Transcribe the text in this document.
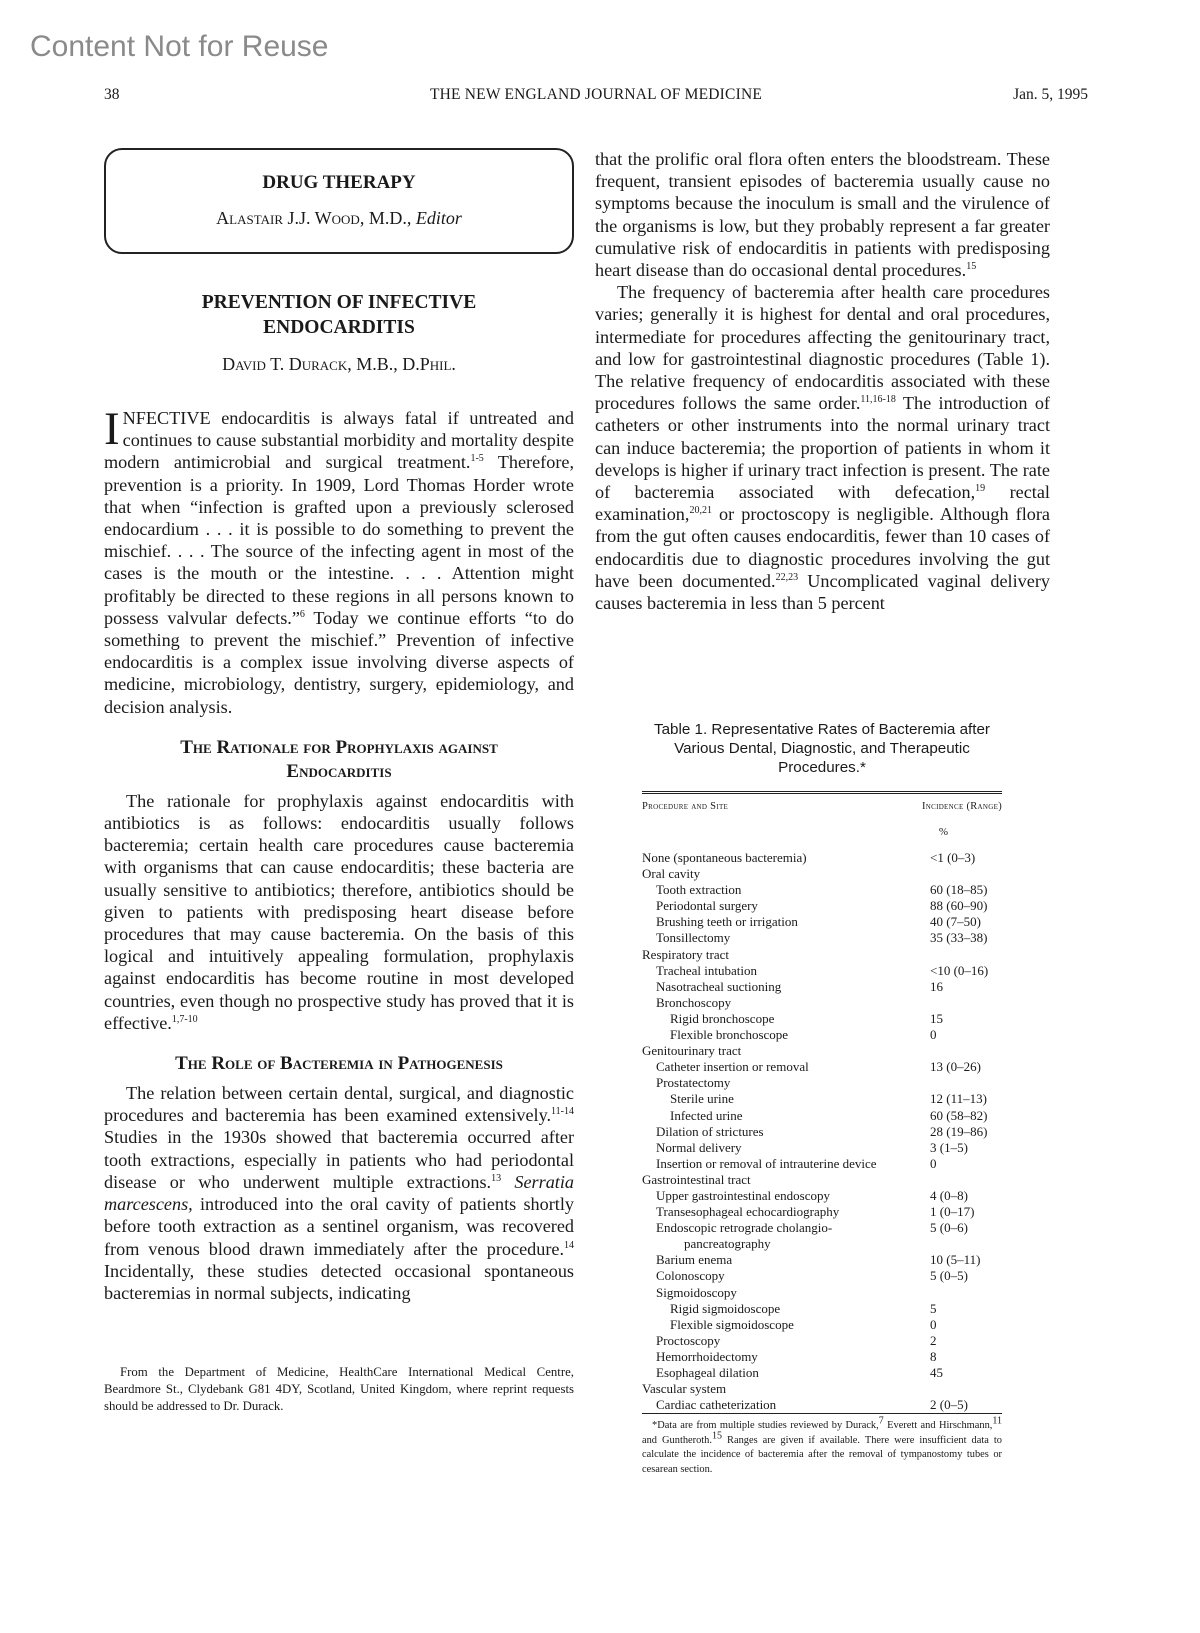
Content Not for Reuse
38	THE NEW ENGLAND JOURNAL OF MEDICINE	Jan. 5, 1995
DRUG THERAPY
Alastair J.J. Wood, M.D., Editor
PREVENTION OF INFECTIVE
ENDOCARDITIS
David T. Durack, M.B., D.Phil.

INFECTIVE endocarditis is always fatal if untreated and continues to cause substantial morbidity and mortality despite modern antimicrobial and surgical treatment.$^{1-5}$ Therefore, prevention is a priority. In 1909, Lord Thomas Horder wrote that when “infection is grafted upon a previously sclerosed endocardium . . . it is possible to do something to prevent the mischief. . . . The source of the infecting agent in most of the cases is the mouth or the intestine. . . . Attention might profitably be directed to these regions in all persons known to possess valvular defects.”$^6$ Today we continue efforts “to do something to prevent the mischief.” Prevention of infective endocarditis is a complex issue involving diverse aspects of medicine, microbiology, dentistry, surgery, epidemiology, and decision analysis.

The Rationale for Prophylaxis against
Endocarditis

The rationale for prophylaxis against endocarditis with antibiotics is as follows: endocarditis usually follows bacteremia; certain health care procedures cause bacteremia with organisms that can cause endocarditis; these bacteria are usually sensitive to antibiotics; therefore, antibiotics should be given to patients with predisposing heart disease before procedures that may cause bacteremia. On the basis of this logical and intuitively appealing formulation, prophylaxis against endocarditis has become routine in most developed countries, even though no prospective study has proved that it is effective.$^{1,7-10}$

The Role of Bacteremia in Pathogenesis

The relation between certain dental, surgical, and diagnostic procedures and bacteremia has been examined extensively.$^{11-14}$ Studies in the 1930s showed that bacteremia occurred after tooth extractions, especially in patients who had periodontal disease or who underwent multiple extractions.$^{13}$ Serratia marcescens, introduced into the oral cavity of patients shortly before tooth extraction as a sentinel organism, was recovered from venous blood drawn immediately after the procedure.$^{14}$ Incidentally, these studies detected occasional spontaneous bacteremias in normal subjects, indicating

From the Department of Medicine, HealthCare International Medical Centre, Beardmore St., Clydebank G81 4DY, Scotland, United Kingdom, where reprint requests should be addressed to Dr. Durack.

that the prolific oral flora often enters the bloodstream. These frequent, transient episodes of bacteremia usually cause no symptoms because the inoculum is small and the virulence of the organisms is low, but they probably represent a far greater cumulative risk of endocarditis in patients with predisposing heart disease than do occasional dental procedures.$^{15}$

The frequency of bacteremia after health care procedures varies; generally it is highest for dental and oral procedures, intermediate for procedures affecting the genitourinary tract, and low for gastrointestinal diagnostic procedures (Table 1). The relative frequency of endocarditis associated with these procedures follows the same order.$^{11,16-18}$ The introduction of catheters or other instruments into the normal urinary tract can induce bacteremia; the proportion of patients in whom it develops is higher if urinary tract infection is present. The rate of bacteremia associated with defecation,$^{19}$ rectal examination,$^{20,21}$ or proctoscopy is negligible. Although flora from the gut often causes endocarditis, fewer than 10 cases of endocarditis due to diagnostic procedures involving the gut have been documented.$^{22,23}$ Uncomplicated vaginal delivery causes bacteremia in less than 5 percent

Table 1. Representative Rates of Bacteremia after Various Dental, Diagnostic, and Therapeutic Procedures.*
Procedure and Site	Incidence (Range)
%
None (spontaneous bacteremia)	<1 (0–3)
Oral cavity
Tooth extraction	60 (18–85)
Periodontal surgery	88 (60–90)
Brushing teeth or irrigation	40 (7–50)
Tonsillectomy	35 (33–38)
Respiratory tract
Tracheal intubation	<10 (0–16)
Nasotracheal suctioning	16
Bronchoscopy
Rigid bronchoscope	15
Flexible bronchoscope	0
Genitourinary tract
Catheter insertion or removal	13 (0–26)
Prostatectomy
Sterile urine	12 (11–13)
Infected urine	60 (58–82)
Dilation of strictures	28 (19–86)
Normal delivery	3 (1–5)
Insertion or removal of intrauterine device	0
Gastrointestinal tract
Upper gastrointestinal endoscopy	4 (0–8)
Transesophageal echocardiography	1 (0–17)
Endoscopic retrograde cholangio-	5 (0–6)
pancreatography
Barium enema	10 (5–11)
Colonoscopy	5 (0–5)
Sigmoidoscopy
Rigid sigmoidoscope	5
Flexible sigmoidoscope	0
Proctoscopy	2
Hemorrhoidectomy	8
Esophageal dilation	45
Vascular system
Cardiac catheterization	2 (0–5)
*Data are from multiple studies reviewed by Durack,$^7$ Everett and Hirschmann,$^{11}$ and Guntheroth.$^{15}$ Ranges are given if available. There were insufficient data to calculate the incidence of bacteremia after the removal of tympanostomy tubes or cesarean section.
